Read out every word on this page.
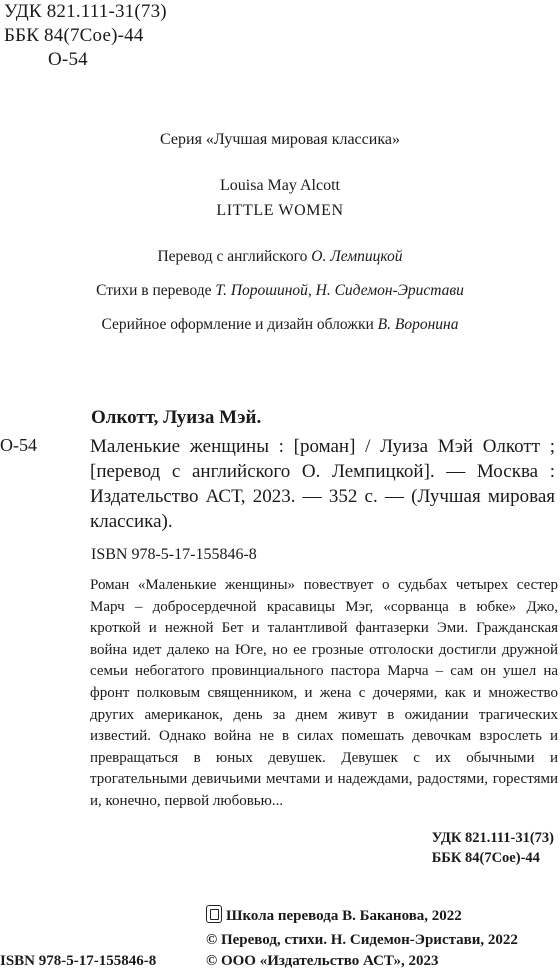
УДК 821.111-31(73)
ББК 84(7Сое)-44
О-54
Серия «Лучшая мировая классика»
Louisa May Alcott
LITTLE WOMEN
Перевод с английского О. Лемпицкой
Стихи в переводе Т. Порошиной, Н. Сидемон-Эристави
Серийное оформление и дизайн обложки В. Воронина
Олкотт, Луиза Мэй.
О-54	Маленькие женщины : [роман] / Луиза Мэй Олкотт ; [перевод с английского О. Лемпицкой]. — Москва : Издательство АСТ, 2023. — 352 с. — (Лучшая мировая классика).
ISBN 978-5-17-155846-8
Роман «Маленькие женщины» повествует о судьбах четырех сестер Марч – добросердечной красавицы Мэг, «сорванца в юбке» Джо, кроткой и нежной Бет и талантливой фантазерки Эми. Гражданская война идет далеко на Юге, но ее грозные отголоски достигли дружной семьи небогатого провинциального пастора Марча – сам он ушел на фронт полковым священником, и жена с дочерями, как и множество других американок, день за днем живут в ожидании трагических известий. Однако война не в силах помешать девочкам взрослеть и превращаться в юных девушек. Девушек с их обычными и трогательными девичьими мечтами и надеждами, радостями, горестями и, конечно, первой любовью...
УДК 821.111-31(73)
ББК 84(7Сое)-44
Школа перевода В. Баканова, 2022
© Перевод, стихи. Н. Сидемон-Эристави, 2022
© ООО «Издательство АСТ», 2023
ISBN 978-5-17-155846-8
